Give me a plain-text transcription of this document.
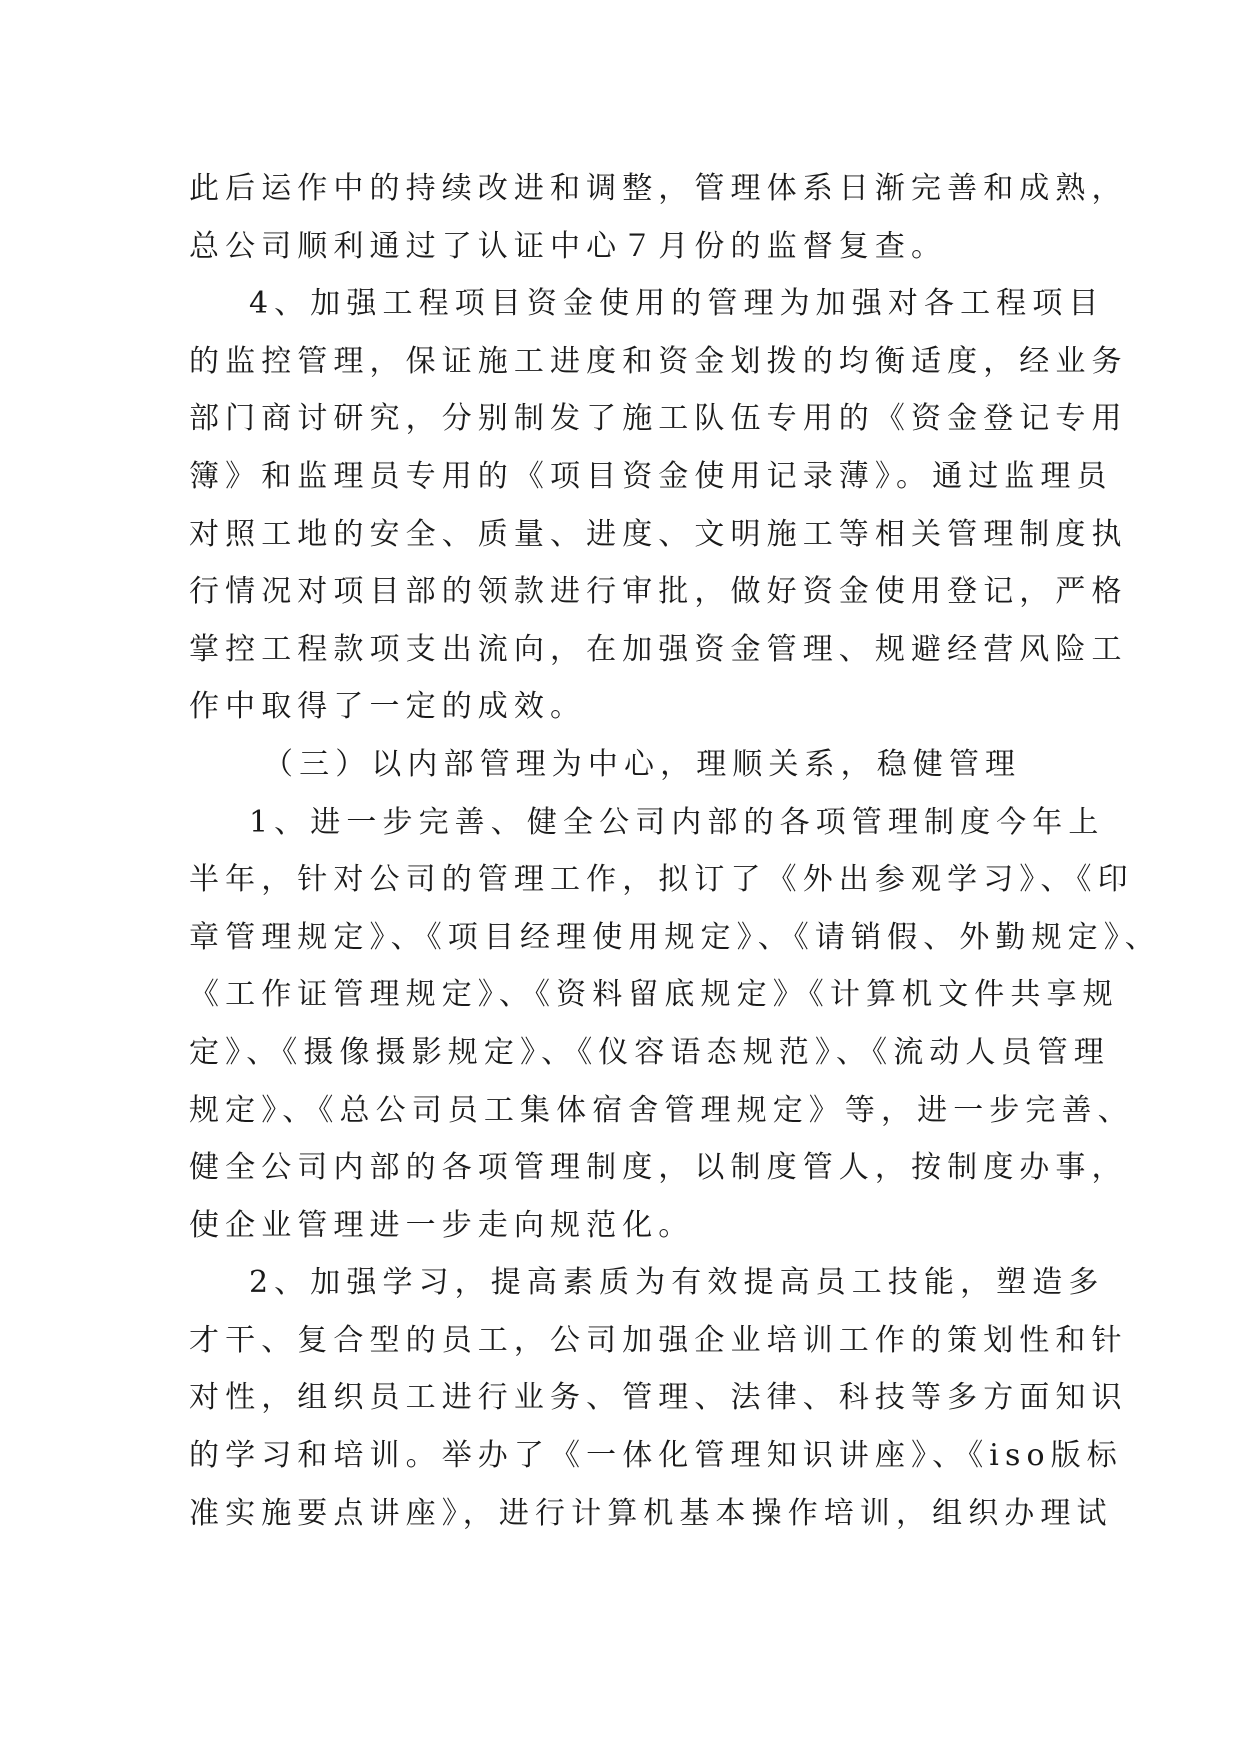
此后运作中的持续改进和调整，管理体系日渐完善和成熟，
总公司顺利通过了认证中心７月份的监督复查。
4、加强工程项目资金使用的管理为加强对各工程项目
的监控管理，保证施工进度和资金划拨的均衡适度，经业务
部门商讨研究，分别制发了施工队伍专用的《资金登记专用
簿》和监理员专用的《项目资金使用记录薄》。通过监理员
对照工地的安全、质量、进度、文明施工等相关管理制度执
行情况对项目部的领款进行审批，做好资金使用登记，严格
掌控工程款项支出流向，在加强资金管理、规避经营风险工
作中取得了一定的成效。
（三）以内部管理为中心，理顺关系，稳健管理
1、进一步完善、健全公司内部的各项管理制度今年上
半年，针对公司的管理工作，拟订了《外出参观学习》、《印
章管理规定》、《项目经理使用规定》、《请销假、外勤规定》、
《工作证管理规定》、《资料留底规定》《计算机文件共享规
定》、《摄像摄影规定》、《仪容语态规范》、《流动人员管理
规定》、《总公司员工集体宿舍管理规定》等，进一步完善、
健全公司内部的各项管理制度，以制度管人，按制度办事，
使企业管理进一步走向规范化。
2、加强学习，提高素质为有效提高员工技能，塑造多
才干、复合型的员工，公司加强企业培训工作的策划性和针
对性，组织员工进行业务、管理、法律、科技等多方面知识
的学习和培训。举办了《一体化管理知识讲座》、《iso版标
准实施要点讲座》，进行计算机基本操作培训，组织办理试
